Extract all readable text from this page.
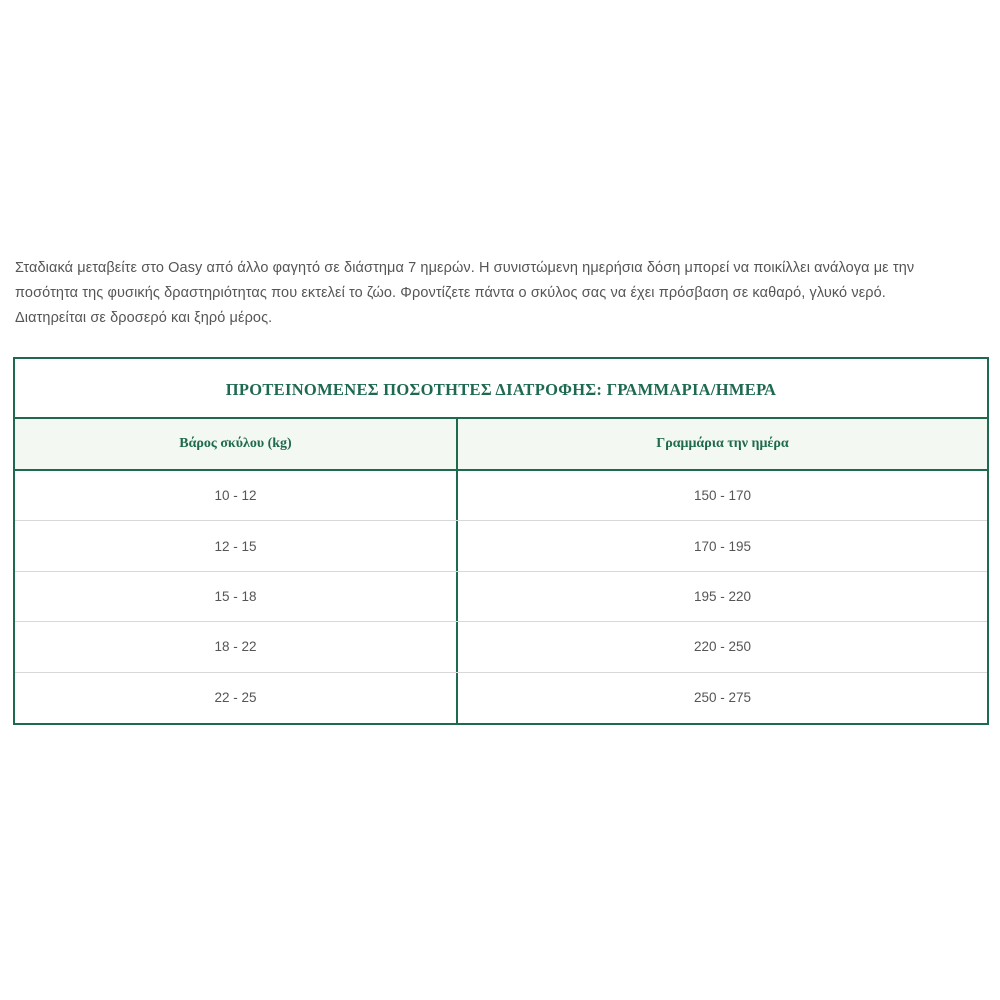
Σταδιακά μεταβείτε στο Oasy από άλλο φαγητό σε διάστημα 7 ημερών. Η συνιστώμενη ημερήσια δόση μπορεί να ποικίλλει ανάλογα με την

ποσότητα της φυσικής δραστηριότητας που εκτελεί το ζώο. Φροντίζετε πάντα ο σκύλος σας να έχει πρόσβαση σε καθαρό, γλυκό νερό.

Διατηρείται σε δροσερό και ξηρό μέρος.

ΠΡΟΤΕΙΝΟΜΕΝΕΣ ΠΟΣΟΤΗΤΕΣ ΔΙΑΤΡΟΦΗΣ: ΓΡΑΜΜΑΡΙΑ/ΗΜΕΡΑ
Βάρος σκύλου (kg)	Γραμμάρια την ημέρα
10 - 12	150 - 170
12 - 15	170 - 195
15 - 18	195 - 220
18 - 22	220 - 250
22 - 25	250 - 275
